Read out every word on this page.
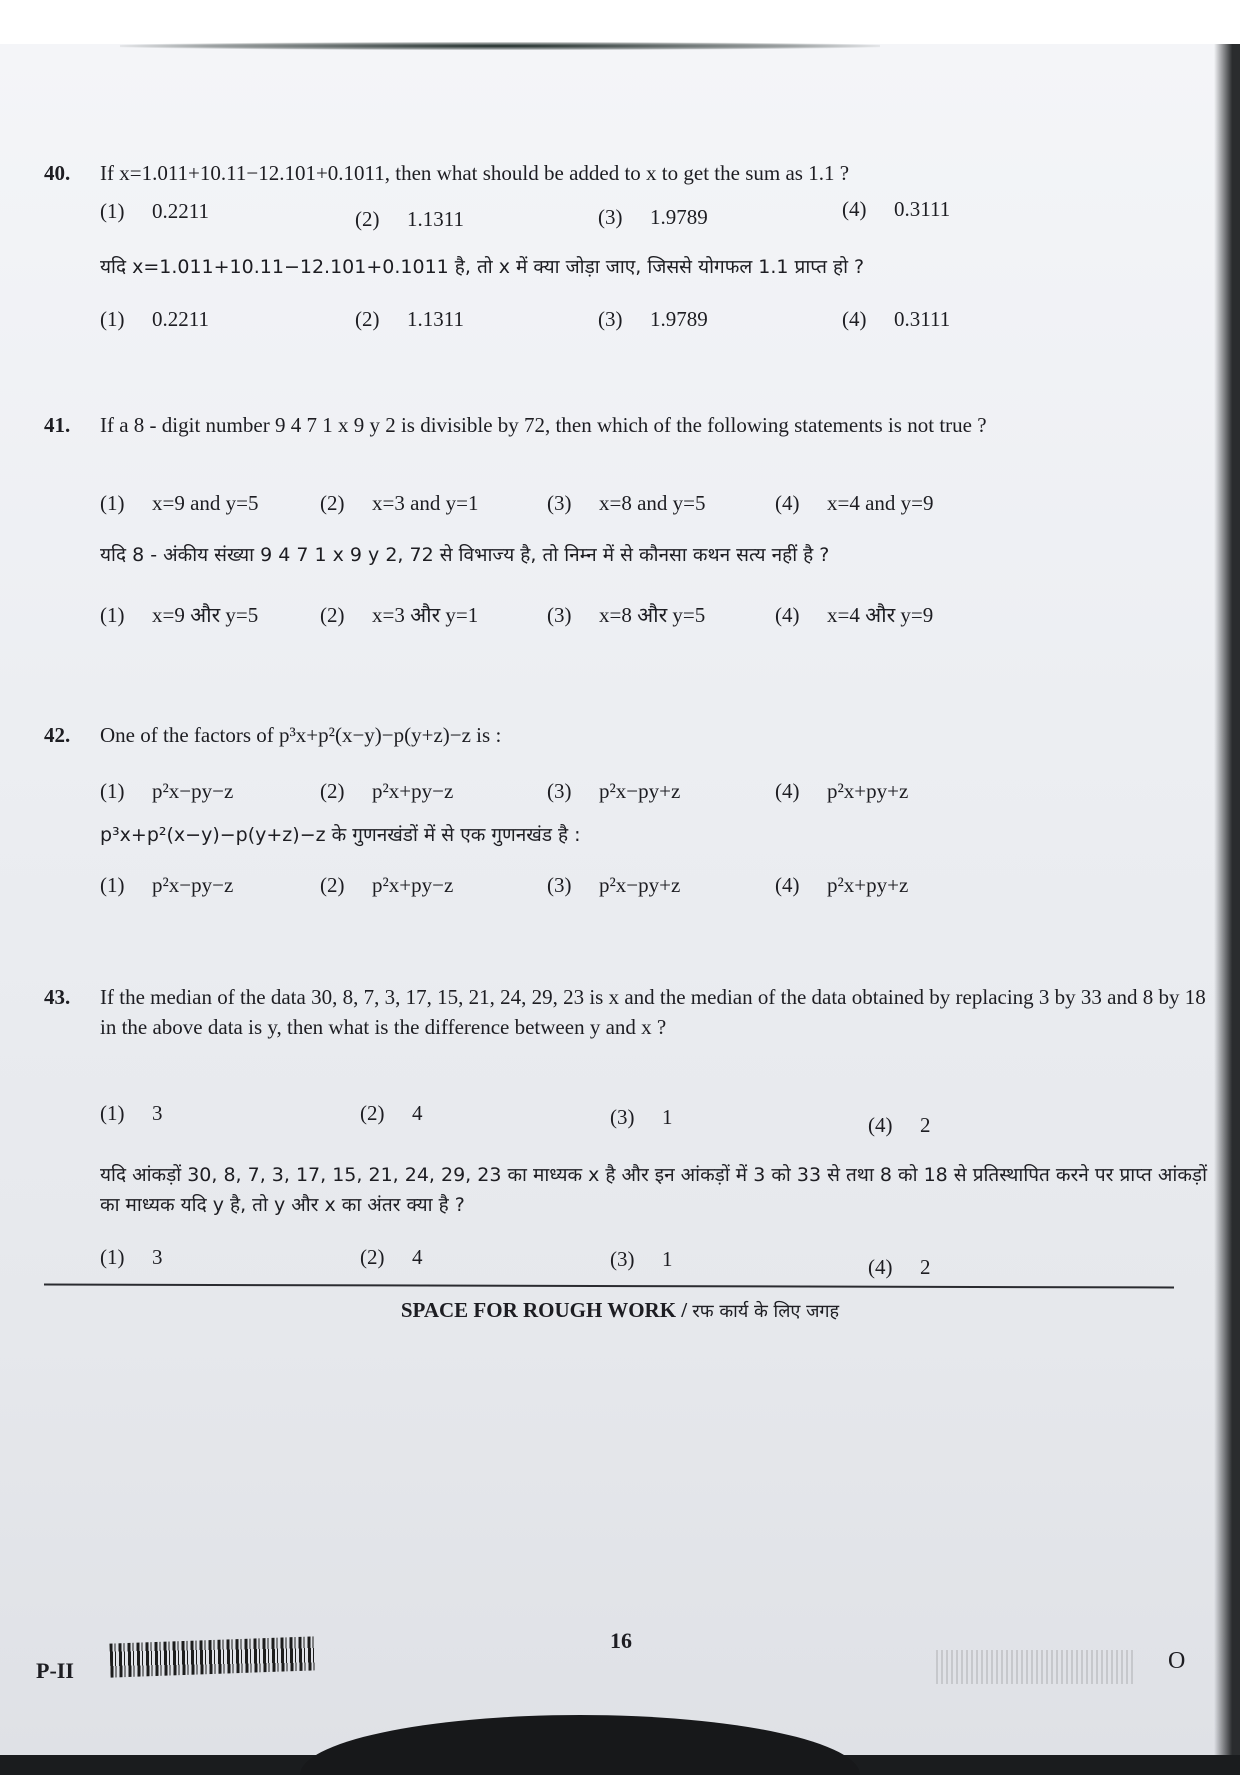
40. If x=1.011+10.11−12.101+0.1011, then what should be added to x to get the sum as 1.1 ?
(1) 0.2211	(2) 1.1311	(3) 1.9789	(4) 0.3111
यदि x=1.011+10.11−12.101+0.1011 है, तो x में क्या जोड़ा जाए, जिससे योगफल 1.1 प्राप्त हो ?
(1) 0.2211	(2) 1.1311	(3) 1.9789	(4) 0.3111
41. If a 8 - digit number 9 4 7 1 x 9 y 2 is divisible by 72, then which of the following statements is not true ?
(1) x=9 and y=5	(2) x=3 and y=1	(3) x=8 and y=5	(4) x=4 and y=9
यदि 8 - अंकीय संख्या 9 4 7 1 x 9 y 2, 72 से विभाज्य है, तो निम्न में से कौनसा कथन सत्य नहीं है ?
(1) x=9 और y=5	(2) x=3 और y=1	(3) x=8 और y=5	(4) x=4 और y=9
42. One of the factors of p³x+p²(x−y)−p(y+z)−z is :
(1) p²x−py−z	(2) p²x+py−z	(3) p²x−py+z	(4) p²x+py+z
p³x+p²(x−y)−p(y+z)−z के गुणनखंडों में से एक गुणनखंड है :
(1) p²x−py−z	(2) p²x+py−z	(3) p²x−py+z	(4) p²x+py+z
43. If the median of the data 30, 8, 7, 3, 17, 15, 21, 24, 29, 23 is x and the median of the data obtained by replacing 3 by 33 and 8 by 18 in the above data is y, then what is the difference between y and x ?
(1) 3	(2) 4	(3) 1	(4) 2
यदि आंकड़ों 30, 8, 7, 3, 17, 15, 21, 24, 29, 23 का माध्यक x है और इन आंकड़ों में 3 को 33 से तथा 8 को 18 से प्रतिस्थापित करने पर प्राप्त आंकड़ों का माध्यक यदि y है, तो y और x का अंतर क्या है ?
(1) 3	(2) 4	(3) 1	(4) 2
SPACE FOR ROUGH WORK / रफ कार्य के लिए जगह
P-II
16
O
